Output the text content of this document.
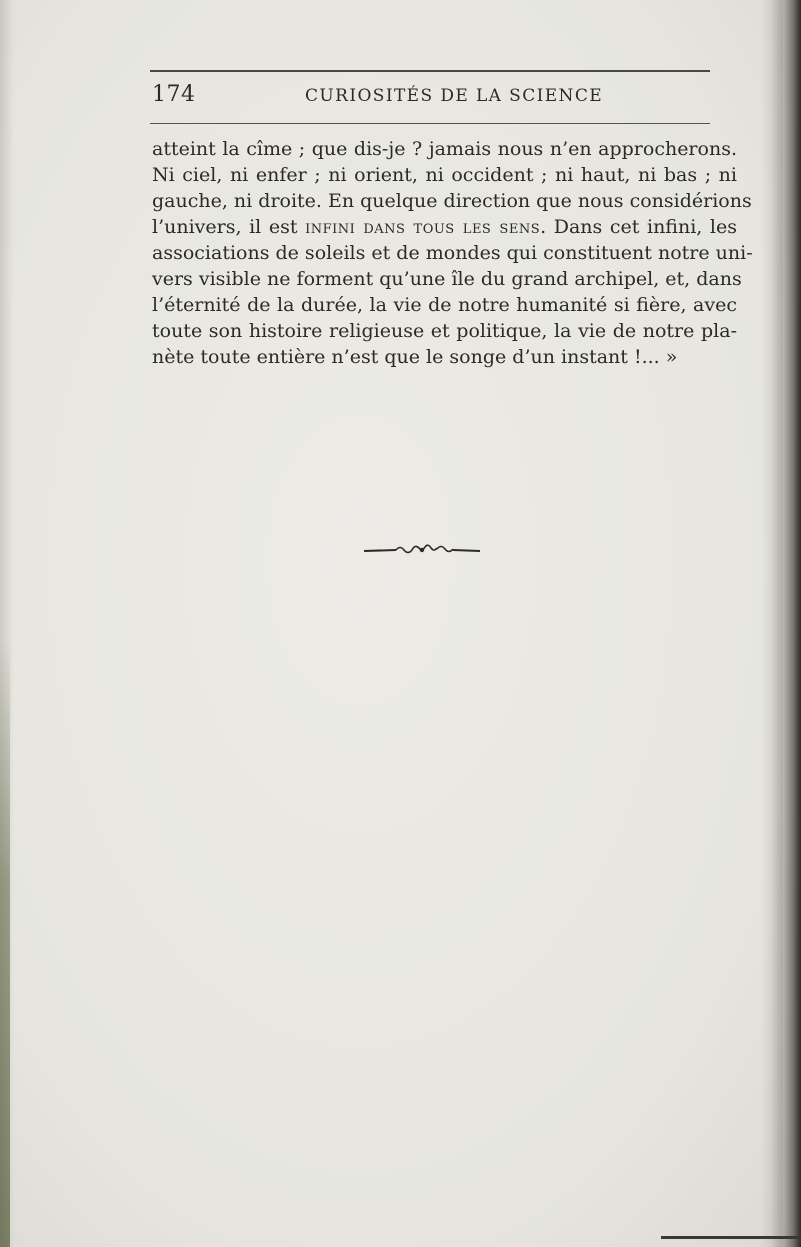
174	CURIOSITÉS DE LA SCIENCE
atteint la cîme ; que dis-je ? jamais nous n’en approcherons.
Ni ciel, ni enfer ; ni orient, ni occident ; ni haut, ni bas ; ni
gauche, ni droite. En quelque direction que nous considérions
l’univers, il est infini dans tous les sens. Dans cet infini, les
associations de soleils et de mondes qui constituent notre uni-
vers visible ne forment qu’une île du grand archipel, et, dans
l’éternité de la durée, la vie de notre humanité si fière, avec
toute son histoire religieuse et politique, la vie de notre pla-
nète toute entière n’est que le songe d’un instant !... »
